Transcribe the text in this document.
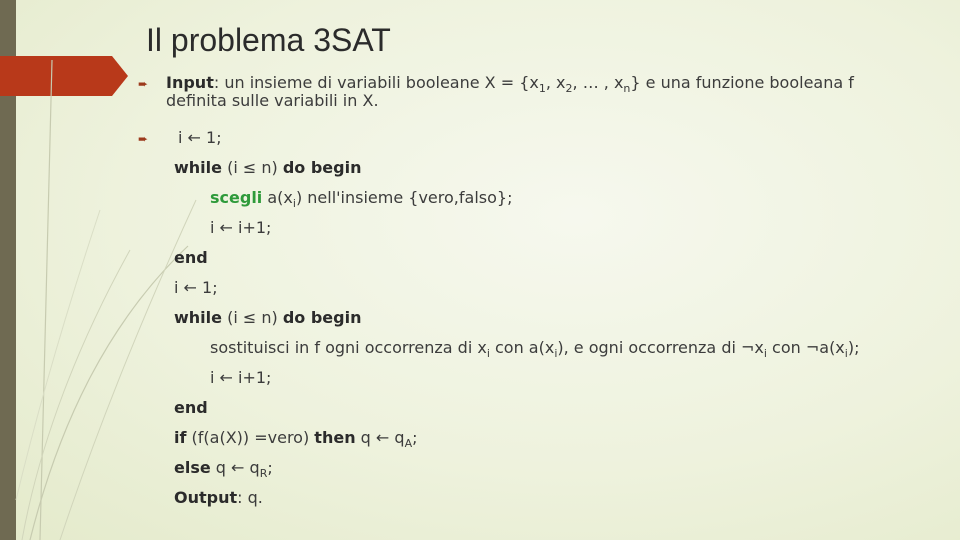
Il problema 3SAT
➨ Input: un insieme di variabili booleane $X = \{x_1$, $x_2$, … , $x_n$} e una funzione booleana f
definita sulle variabili in X.
➨ i ← 1;
while (i ≤ n) do begin
scegli $a(x_i)$ nell'insieme {vero,falso};
i ← i+1;
end
i ← 1;
while (i ≤ n) do begin
sostituisci in f ogni occorrenza di $x_i$ con $a(x_i)$, e ogni occorrenza di $\neg x_i$ con $\neg a(x_i)$;
i ← i+1;
end
if (f(a(X)) =vero) then q ← $q_A$;
else q ← $q_R$;
Output: q.
